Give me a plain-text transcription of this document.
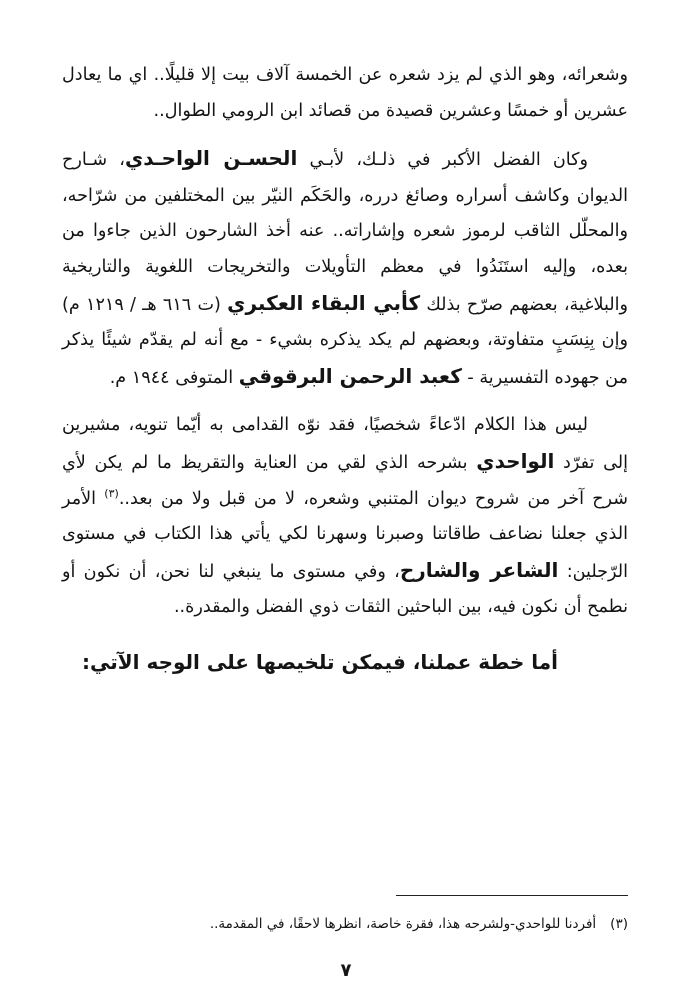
وشعرائه، وهو الذي لم يزد شعره عن الخمسة آلاف بيت إلا قليلًا.. اي ما يعادل عشرين أو خمسًا وعشرين قصيدة من قصائد ابن الرومي الطوال..

وكان الفضل الأكبر في ذلـك، لأبـي الحسـن الواحـدي، شـارح الديوان وكاشف أسراره وصائغ درره، والحَكَم النيّر بين المختلفين من شرّاحه، والمحلّل الثاقب لرموز شعره وإشاراته.. عنه أخذ الشارحون الذين جاءوا من بعده، وإليه استَنَدُوا في معظم التأويلات والتخريجات اللغوية والتاريخية والبلاغية، بعضهم صرّح بذلك كأبي البقاء العكبري (ت ٦١٦ هـ / ١٢١٩ م) وإن بِنِسَبٍ متفاوتة، وبعضهم لم يكد يذكره بشيء - مع أنه لم يقدّم شيئًا يذكر من جهوده التفسيرية - كعبد الرحمن البرقوقي المتوفى ١٩٤٤ م.

ليس هذا الكلام ادّعاءً شخصيًا، فقد نوّه القدامى به أيّما تنويه، مشيرين إلى تفرّد الواحدي بشرحه الذي لقي من العناية والتقريظ ما لم يكن لأي شرح آخر من شروح ديوان المتنبي وشعره، لا من قبل ولا من بعد..$^{(٣)}$ الأمر الذي جعلنا نضاعف طاقاتنا وصبرنا وسهرنا لكي يأتي هذا الكتاب في مستوى الرّجلين: الشاعر والشارح، وفي مستوى ما ينبغي لنا نحن، أن نكون أو نطمح أن نكون فيه، بين الباحثين الثقات ذوي الفضل والمقدرة..

أما خطة عملنا، فيمكن تلخيصها على الوجه الآتي:

(٣)أفردنا للواحدي-ولشرحه هذا، فقرة خاصة، انظرها لاحقًا، في المقدمة..

٧
